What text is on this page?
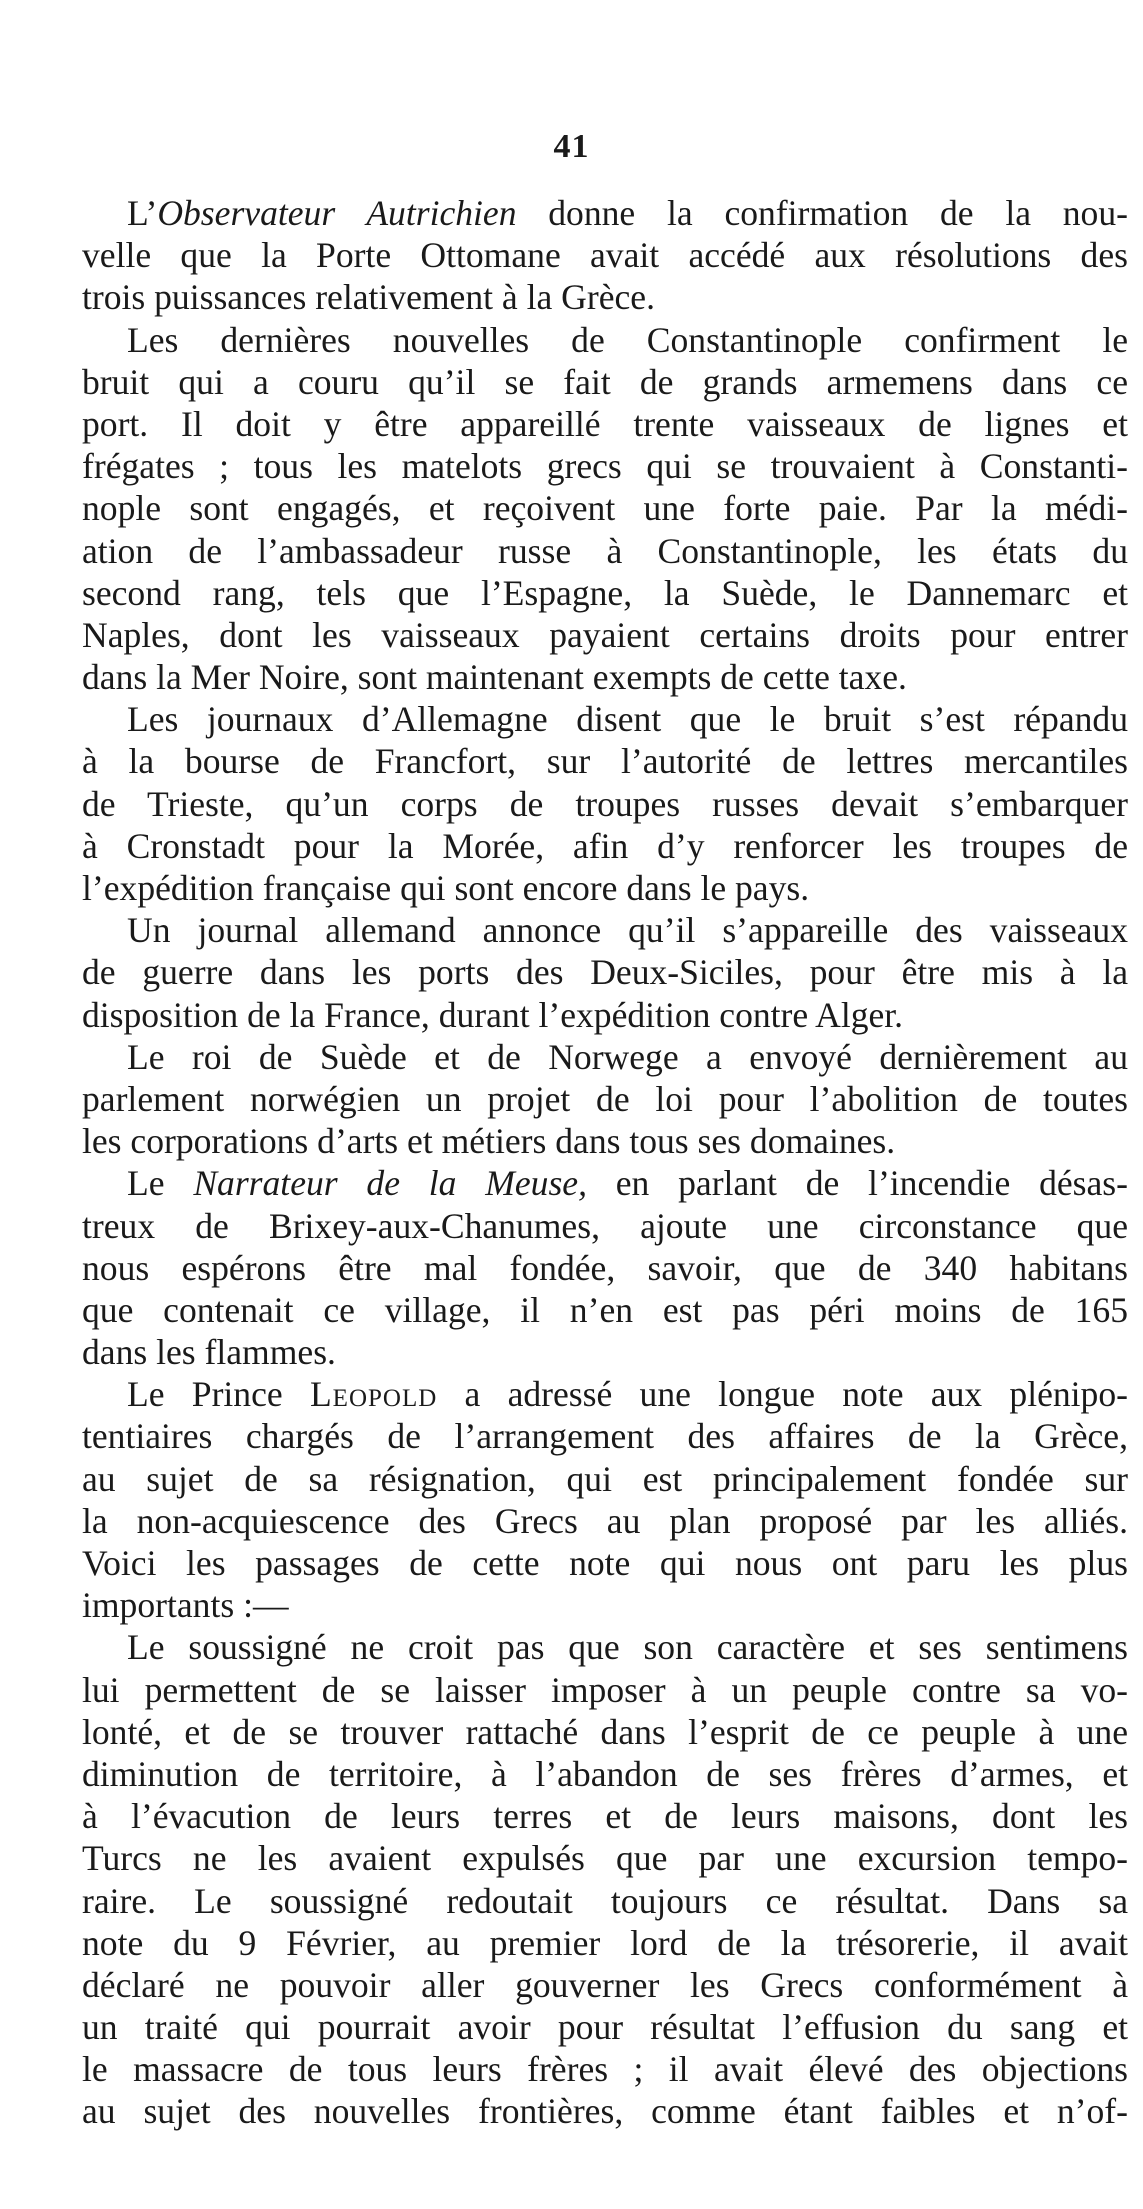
41
L’Observateur Autrichien donne la confirmation de la nou-
velle que la Porte Ottomane avait accédé aux résolutions des
trois puissances relativement à la Grèce.
Les dernières nouvelles de Constantinople confirment le
bruit qui a couru qu’il se fait de grands armemens dans ce
port. Il doit y être appareillé trente vaisseaux de lignes et
frégates ; tous les matelots grecs qui se trouvaient à Constanti-
nople sont engagés, et reçoivent une forte paie. Par la médi-
ation de l’ambassadeur russe à Constantinople, les états du
second rang, tels que l’Espagne, la Suède, le Dannemarc et
Naples, dont les vaisseaux payaient certains droits pour entrer
dans la Mer Noire, sont maintenant exempts de cette taxe.
Les journaux d’Allemagne disent que le bruit s’est répandu
à la bourse de Francfort, sur l’autorité de lettres mercantiles
de Trieste, qu’un corps de troupes russes devait s’embarquer
à Cronstadt pour la Morée, afin d’y renforcer les troupes de
l’expédition française qui sont encore dans le pays.
Un journal allemand annonce qu’il s’appareille des vaisseaux
de guerre dans les ports des Deux-Siciles, pour être mis à la
disposition de la France, durant l’expédition contre Alger.
Le roi de Suède et de Norwege a envoyé dernièrement au
parlement norwégien un projet de loi pour l’abolition de toutes
les corporations d’arts et métiers dans tous ses domaines.
Le Narrateur de la Meuse, en parlant de l’incendie désas-
treux de Brixey-aux-Chanumes, ajoute une circonstance que
nous espérons être mal fondée, savoir, que de 340 habitans
que contenait ce village, il n’en est pas péri moins de 165
dans les flammes.
Le Prince Leopold a adressé une longue note aux plénipo-
tentiaires chargés de l’arrangement des affaires de la Grèce,
au sujet de sa résignation, qui est principalement fondée sur
la non-acquiescence des Grecs au plan proposé par les alliés.
Voici les passages de cette note qui nous ont paru les plus
importants :—
Le soussigné ne croit pas que son caractère et ses sentimens
lui permettent de se laisser imposer à un peuple contre sa vo-
lonté, et de se trouver rattaché dans l’esprit de ce peuple à une
diminution de territoire, à l’abandon de ses frères d’armes, et
à l’évacution de leurs terres et de leurs maisons, dont les
Turcs ne les avaient expulsés que par une excursion tempo-
raire. Le soussigné redoutait toujours ce résultat. Dans sa
note du 9 Février, au premier lord de la trésorerie, il avait
déclaré ne pouvoir aller gouverner les Grecs conformément à
un traité qui pourrait avoir pour résultat l’effusion du sang et
le massacre de tous leurs frères ; il avait élevé des objections
au sujet des nouvelles frontières, comme étant faibles et n’of-
